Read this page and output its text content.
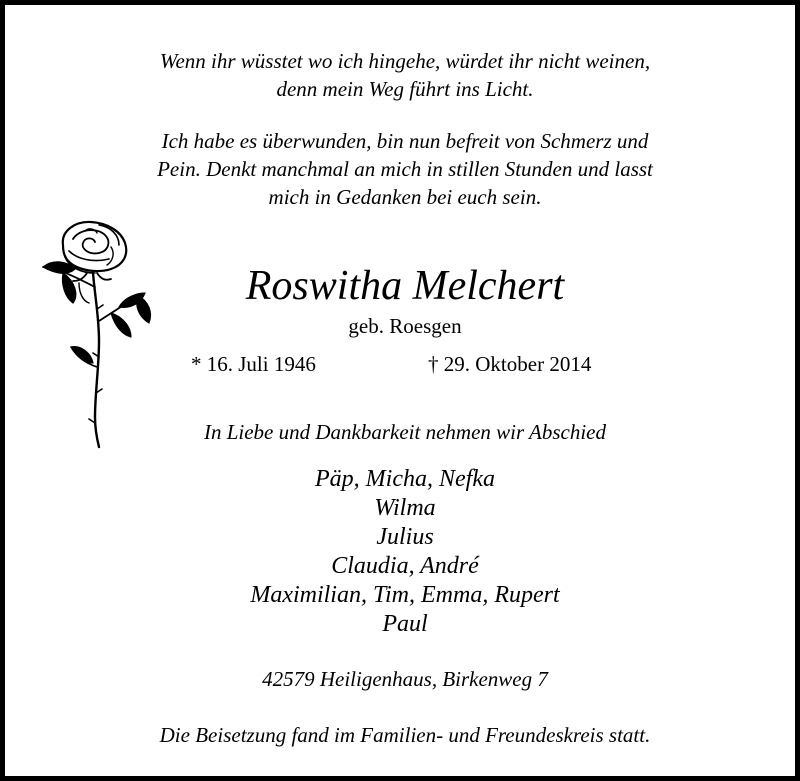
Wenn ihr wüsstet wo ich hingehe, würdet ihr nicht weinen,
denn mein Weg führt ins Licht.
Ich habe es überwunden, bin nun befreit von Schmerz und
Pein. Denkt manchmal an mich in stillen Stunden und lasst
mich in Gedanken bei euch sein.
Roswitha Melchert
geb. Roesgen
* 16. Juli 1946	† 29. Oktober 2014
In Liebe und Dankbarkeit nehmen wir Abschied
Päp, Micha, Nefka
Wilma
Julius
Claudia, André
Maximilian, Tim, Emma, Rupert
Paul
42579 Heiligenhaus, Birkenweg 7
Die Beisetzung fand im Familien- und Freundeskreis statt.
